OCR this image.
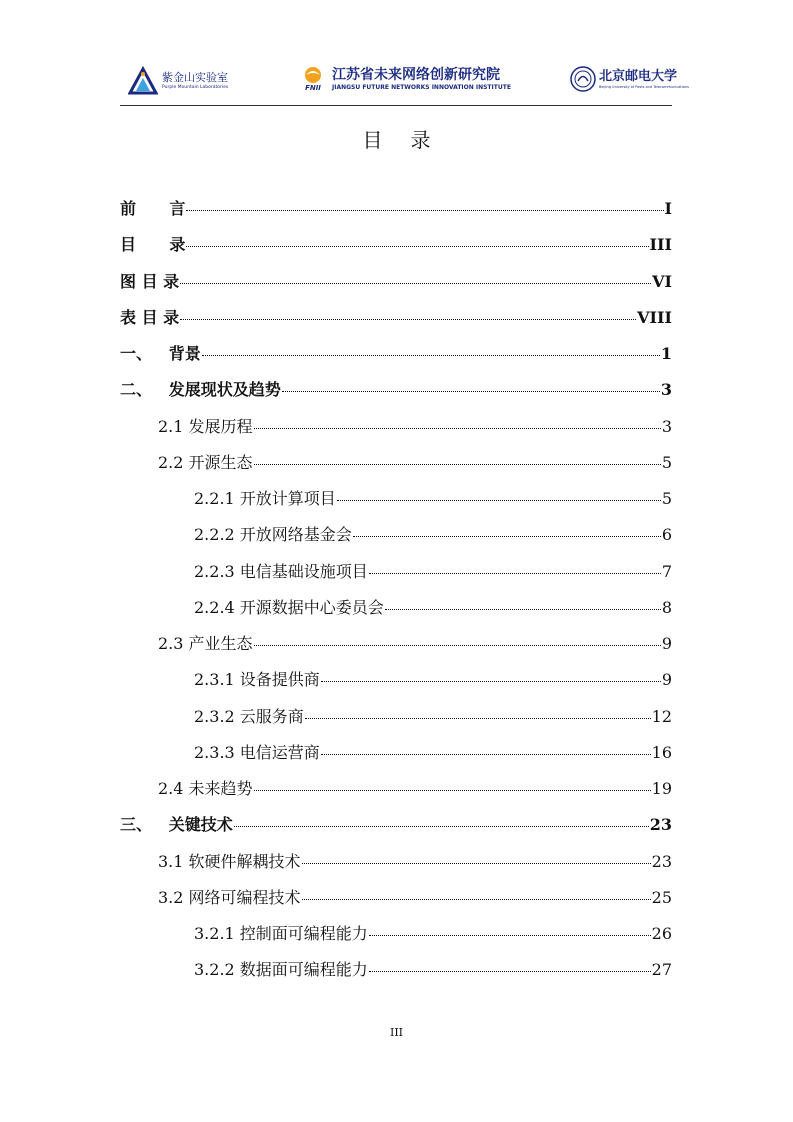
紫金山实验室
Purple Mountain Laboratories	FNII
江苏省未来网络创新研究院
JIANGSU FUTURE NETWORKS INNOVATION INSTITUTE
北京邮电大学
Beijing University of Posts and Telecommunications
目录
前      言	I
目      录	III
图 目 录	VI
表 目 录	VIII
一、   背景	1
二、   发展现状及趋势	3
2.1 发展历程	3
2.2 开源生态	5
2.2.1 开放计算项目	5
2.2.2 开放网络基金会	6
2.2.3 电信基础设施项目	7
2.2.4 开源数据中心委员会	8
2.3 产业生态	9
2.3.1 设备提供商	9
2.3.2 云服务商	12
2.3.3 电信运营商	16
2.4 未来趋势	19
三、   关键技术	23
3.1 软硬件解耦技术	23
3.2 网络可编程技术	25
3.2.1 控制面可编程能力	26
3.2.2 数据面可编程能力	27
III
